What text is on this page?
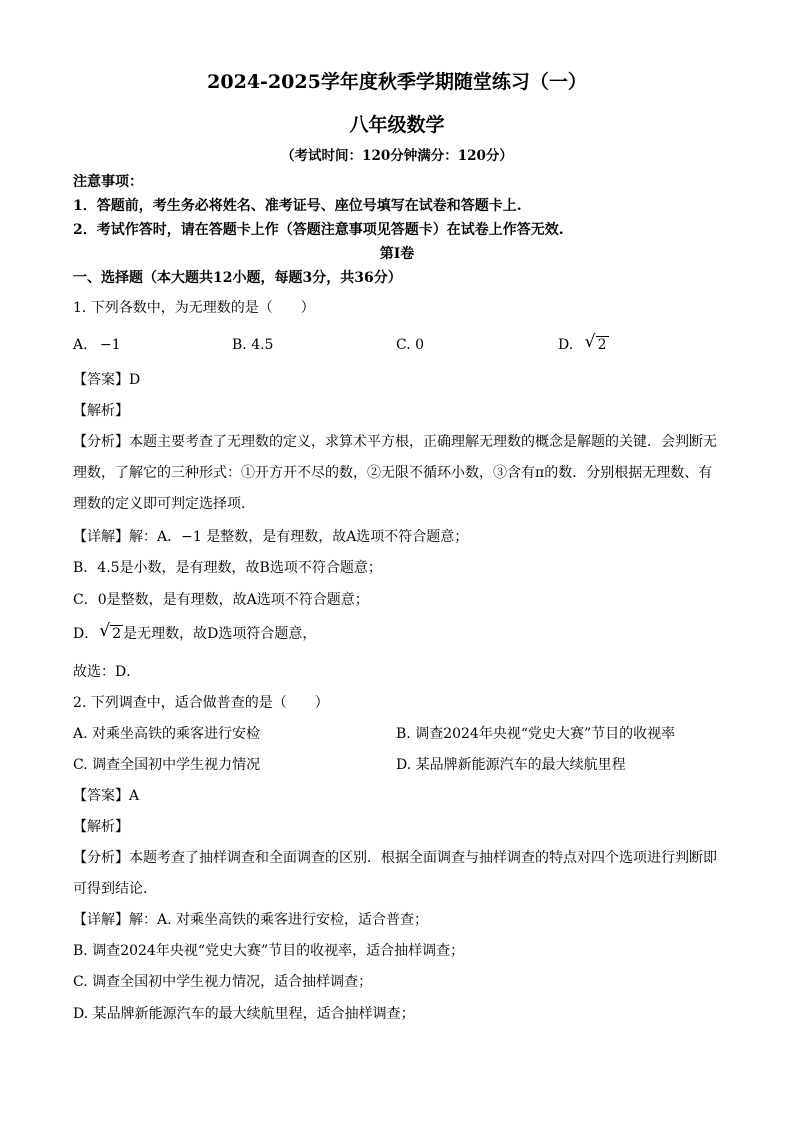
2024-2025学年度秋季学期随堂练习（一）
八年级数学
（考试时间：120分钟满分：120分）
注意事项：
1．答题前，考生务必将姓名、准考证号、座位号填写在试卷和答题卡上.
2．考试作答时，请在答题卡上作（答题注意事项见答题卡）在试卷上作答无效.
第Ⅰ卷
一、选择题（本大题共12小题，每题3分，共36分）
1. 下列各数中，为无理数的是（　　）
A. −1	B. 4.5	C. 0	D. √ 2
【答案】D
【解析】
【分析】本题主要考查了无理数的定义，求算术平方根，正确理解无理数的概念是解题的关键．会判断无
理数，了解它的三种形式：①开方开不尽的数，②无限不循环小数，③含有π的数．分别根据无理数、有
理数的定义即可判定选择项．
【详解】解：A．−1 是整数，是有理数，故A选项不符合题意；
B．4.5是小数，是有理数，故B选项不符合题意；
C．0是整数，是有理数，故A选项不符合题意；
D． √ 2 是无理数，故D选项符合题意，
故选：D．
2. 下列调查中，适合做普查的是（　　）
A. 对乘坐高铁的乘客进行安检	B. 调查2024年央视“党史大赛”节目的收视率
C. 调查全国初中学生视力情况	D. 某品牌新能源汽车的最大续航里程
【答案】A
【解析】
【分析】本题考查了抽样调查和全面调查的区别．根据全面调查与抽样调查的特点对四个选项进行判断即
可得到结论．
【详解】解：A. 对乘坐高铁的乘客进行安检，适合普查；
B. 调查2024年央视“党史大赛”节目的收视率，适合抽样调查；
C. 调查全国初中学生视力情况，适合抽样调查；
D. 某品牌新能源汽车的最大续航里程，适合抽样调查；
